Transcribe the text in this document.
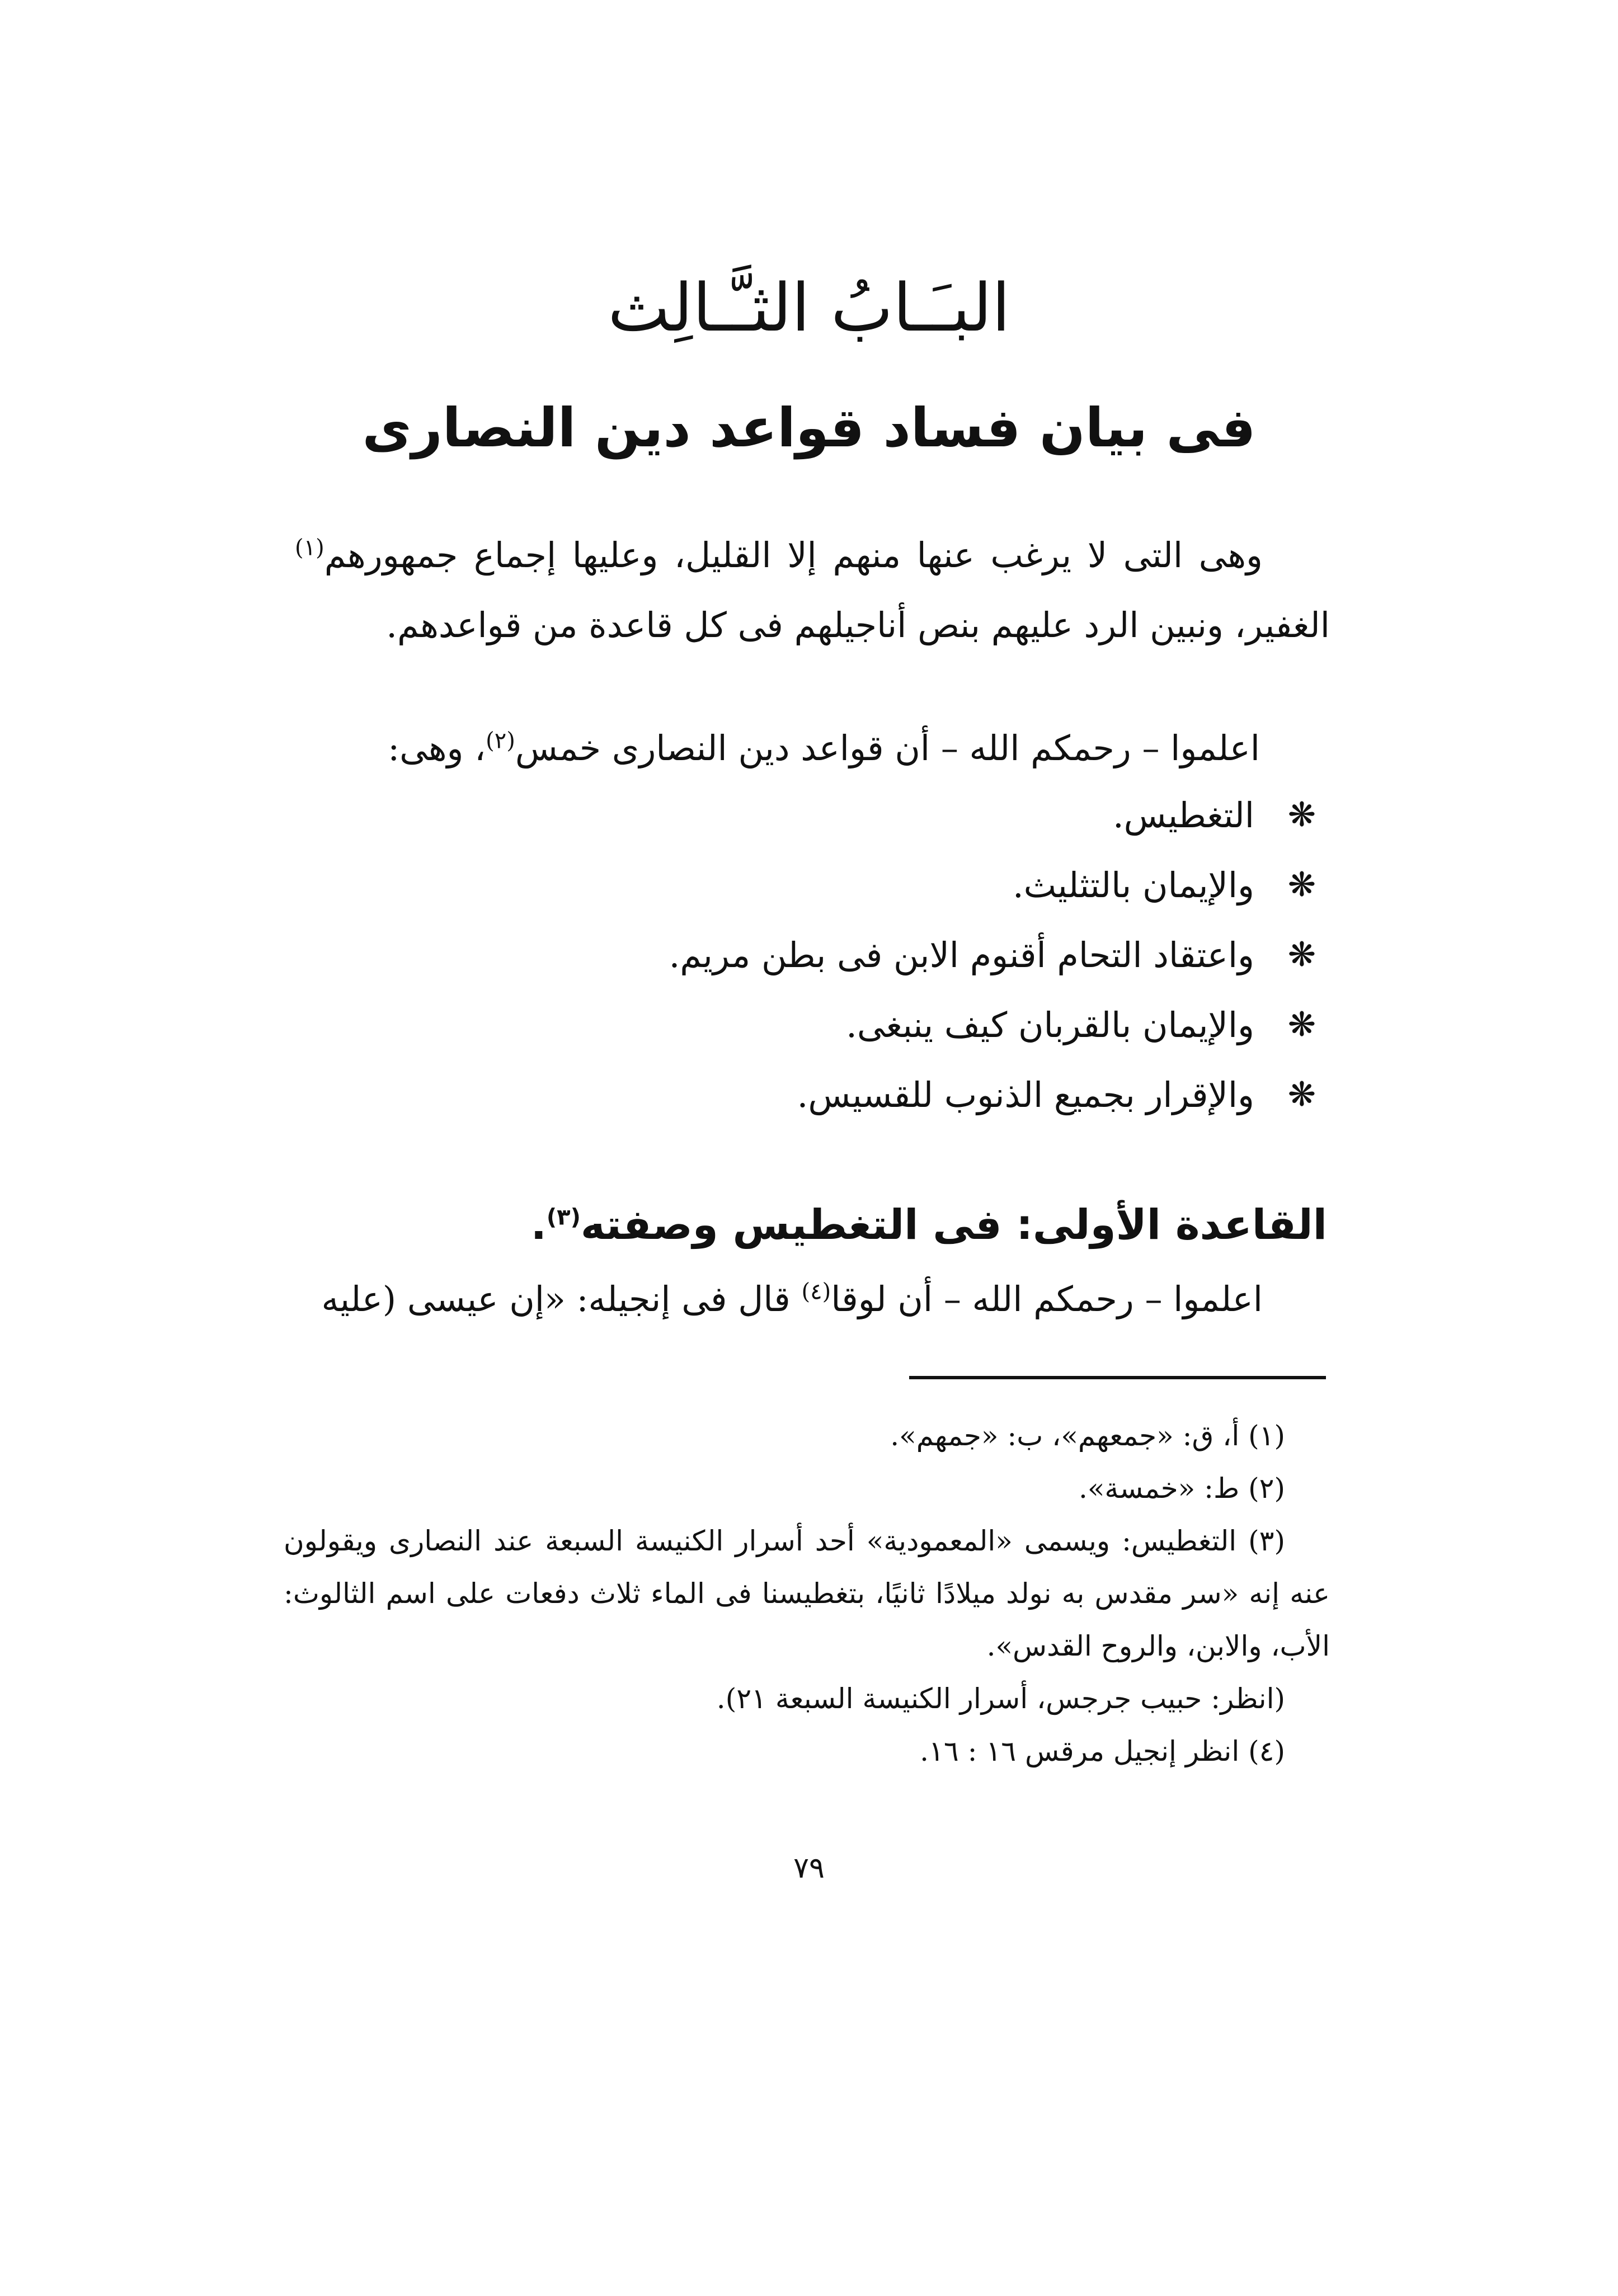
البـَـابُ الثـَّـالِث
فى بيان فساد قواعد دين النصارى

وهى التى لا يرغب عنها منهم إلا القليل، وعليها إجماع جمهورهم$^{(١)}$ الغفير، ونبين الرد عليهم بنص أناجيلهم فى كل قاعدة من قواعدهم.

اعلموا – رحمكم الله – أن قواعد دين النصارى خمس$^{(٢)}$، وهى:

❋
التغطيس.
❋
والإيمان بالتثليث.
❋
واعتقاد التحام أقنوم الابن فى بطن مريم.
❋
والإيمان بالقربان كيف ينبغى.
❋
والإقرار بجميع الذنوب للقسيس.
القاعدة الأولى: فى التغطيس وصفته$^{(٣)}$.

اعلموا – رحمكم الله – أن لوقا$^{(٤)}$ قال فى إنجيله: «إن عيسى (عليه

(١) أ، ق: «جمعهم»، ب: «جمهم».
(٢) ط: «خمسة».
(٣) التغطيس: ويسمى «المعمودية» أحد أسرار الكنيسة السبعة عند النصارى ويقولون عنه إنه «سر مقدس به نولد ميلادًا ثانيًا، بتغطيسنا فى الماء ثلاث دفعات على اسم الثالوث: الأب، والابن، والروح القدس».
(انظر: حبيب جرجس، أسرار الكنيسة السبعة ٢١).
(٤) انظر إنجيل مرقس ١٦ : ١٦.
٧٩
